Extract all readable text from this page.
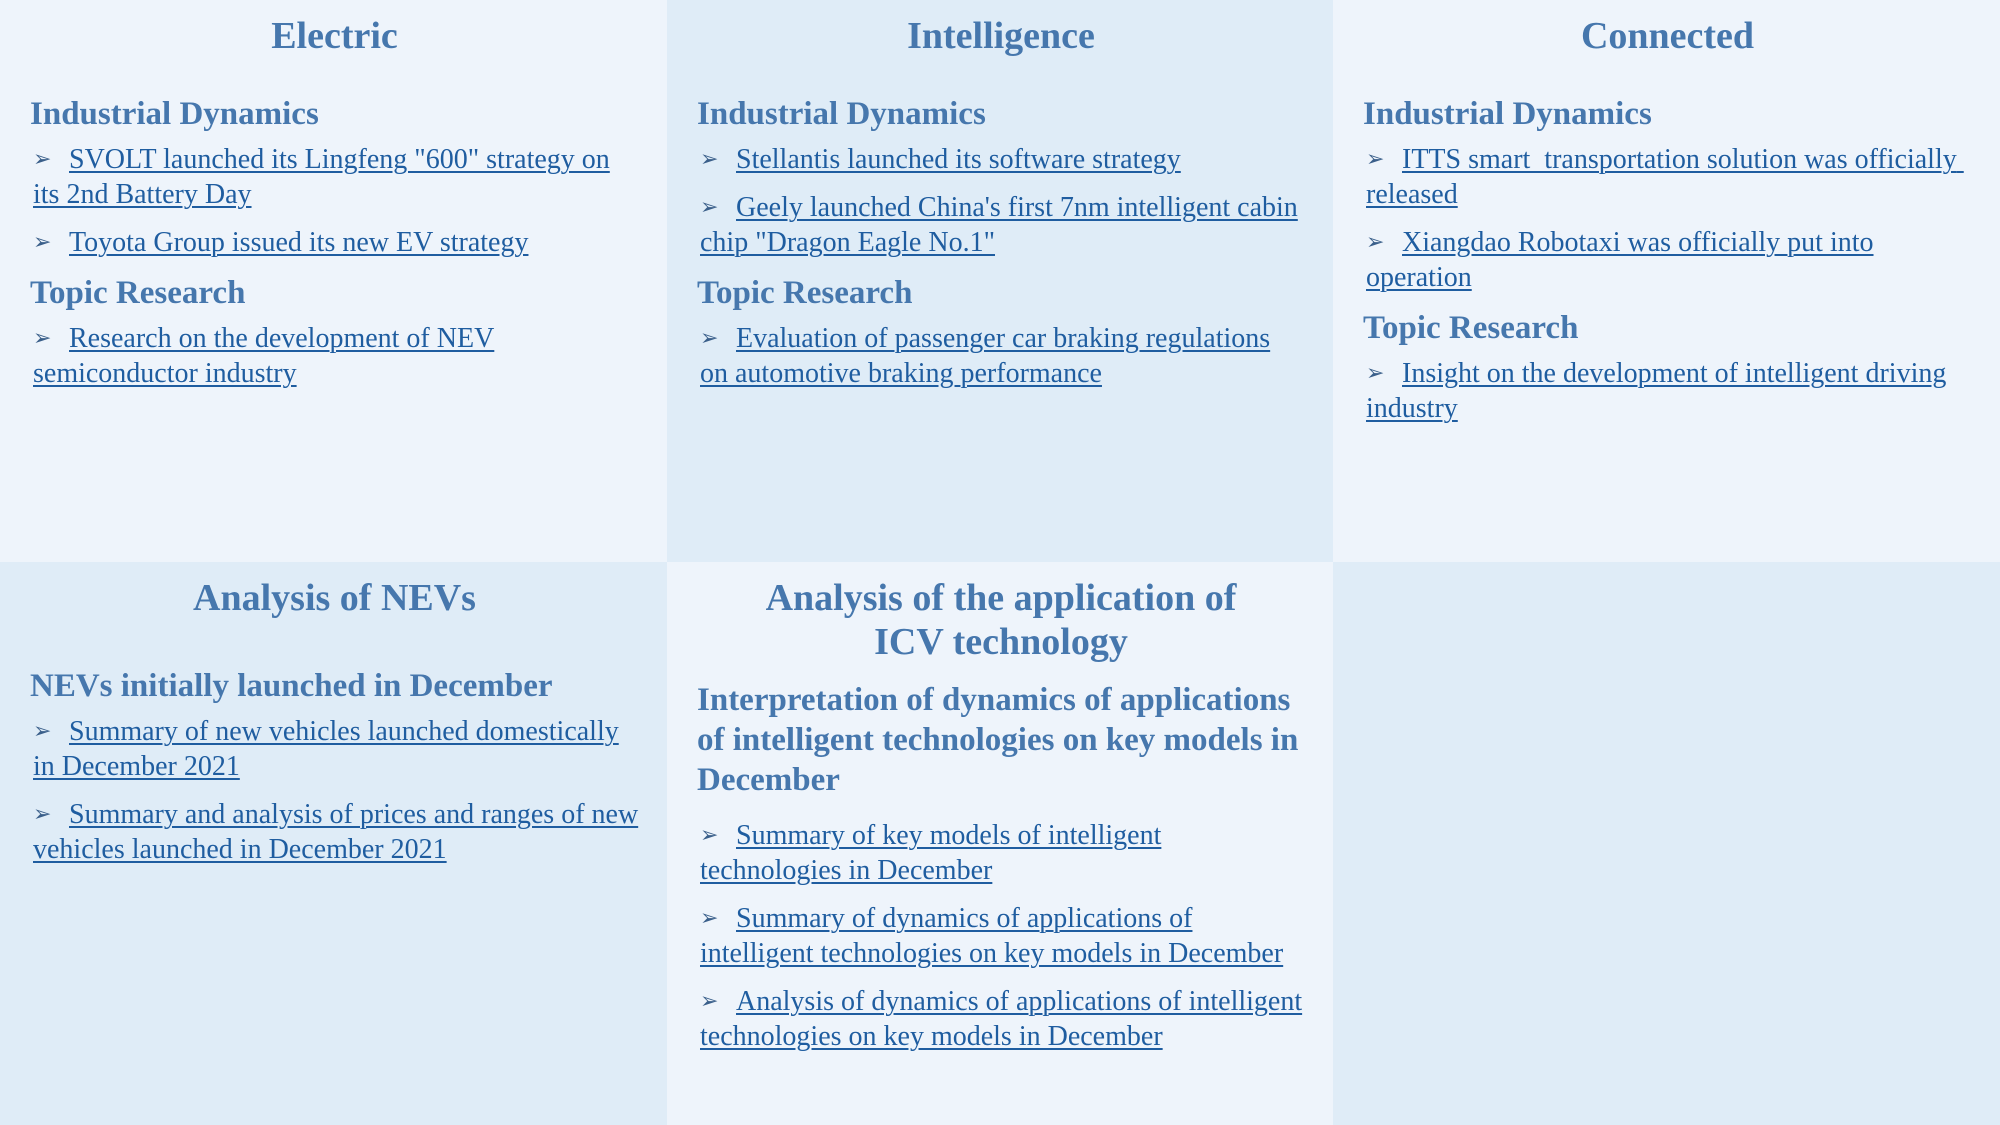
Electric
Industrial Dynamics
➢ SVOLT launched its Lingfeng "600" strategy on its 2nd Battery Day
➢ Toyota Group issued its new EV strategy
Topic Research
➢ Research on the development of NEV semiconductor industry
Intelligence
Industrial Dynamics
➢ Stellantis launched its software strategy
➢ Geely launched China's first 7nm intelligent cabin chip "Dragon Eagle No.1"
Topic Research
➢ Evaluation of passenger car braking regulations on automotive braking performance
Connected
Industrial Dynamics
➢ ITTS smart  transportation solution was officially released
➢ Xiangdao Robotaxi was officially put into operation
Topic Research
➢ Insight on the development of intelligent driving industry
Analysis of NEVs
NEVs initially launched in December
➢ Summary of new vehicles launched domestically in December 2021
➢ Summary and analysis of prices and ranges of new vehicles launched in December 2021
Analysis of the application of
ICV technology
Interpretation of dynamics of applications of intelligent technologies on key models in December
➢ Summary of key models of intelligent technologies in December
➢ Summary of dynamics of applications of intelligent technologies on key models in December
➢ Analysis of dynamics of applications of intelligent technologies on key models in December
